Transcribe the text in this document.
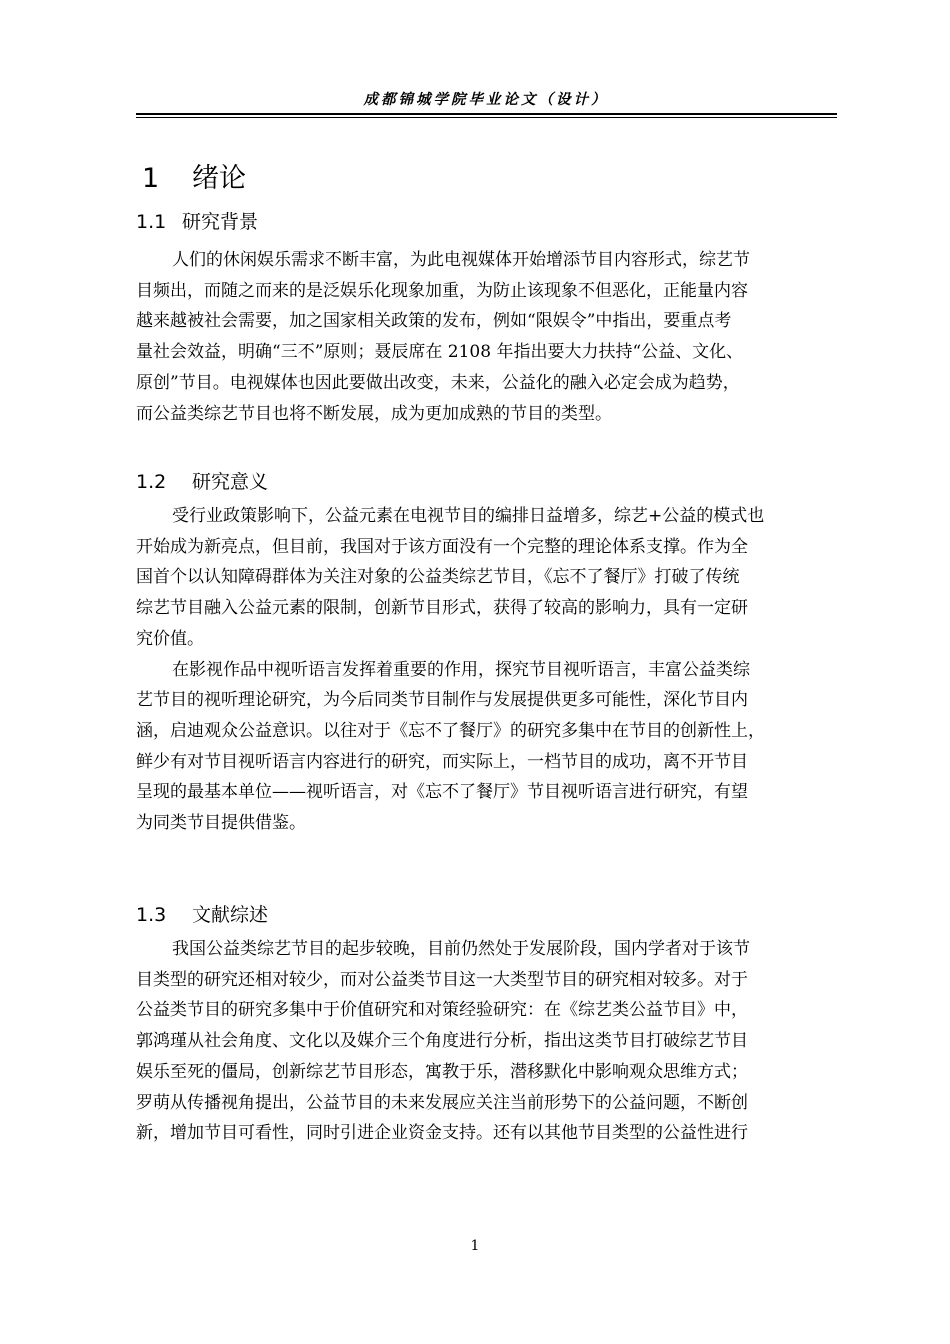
成都锦城学院毕业论文（设计）
1 绪论
1.1 研究背景
人们的休闲娱乐需求不断丰富，为此电视媒体开始增添节目内容形式，综艺节
目频出，而随之而来的是泛娱乐化现象加重，为防止该现象不但恶化，正能量内容
越来越被社会需要，加之国家相关政策的发布，例如“限娱令”中指出，要重点考
量社会效益，明确“三不”原则；聂辰席在 2108 年指出要大力扶持“公益、文化、
原创”节目。电视媒体也因此要做出改变，未来，公益化的融入必定会成为趋势，
而公益类综艺节目也将不断发展，成为更加成熟的节目的类型。
1.2 研究意义
受行业政策影响下，公益元素在电视节目的编排日益增多，综艺+公益的模式也
开始成为新亮点，但目前，我国对于该方面没有一个完整的理论体系支撑。作为全
国首个以认知障碍群体为关注对象的公益类综艺节目，《忘不了餐厅》打破了传统
综艺节目融入公益元素的限制，创新节目形式，获得了较高的影响力，具有一定研
究价值。
在影视作品中视听语言发挥着重要的作用，探究节目视听语言，丰富公益类综
艺节目的视听理论研究，为今后同类节目制作与发展提供更多可能性，深化节目内
涵，启迪观众公益意识。以往对于《忘不了餐厅》的研究多集中在节目的创新性上，
鲜少有对节目视听语言内容进行的研究，而实际上，一档节目的成功，离不开节目
呈现的最基本单位——视听语言，对《忘不了餐厅》节目视听语言进行研究，有望
为同类节目提供借鉴。
1.3 文献综述
我国公益类综艺节目的起步较晚，目前仍然处于发展阶段，国内学者对于该节
目类型的研究还相对较少，而对公益类节目这一大类型节目的研究相对较多。对于
公益类节目的研究多集中于价值研究和对策经验研究：在《综艺类公益节目》中，
郭鸿瑾从社会角度、文化以及媒介三个角度进行分析，指出这类节目打破综艺节目
娱乐至死的僵局，创新综艺节目形态，寓教于乐，潜移默化中影响观众思维方式；
罗萌从传播视角提出，公益节目的未来发展应关注当前形势下的公益问题，不断创
新，增加节目可看性，同时引进企业资金支持。还有以其他节目类型的公益性进行
1
